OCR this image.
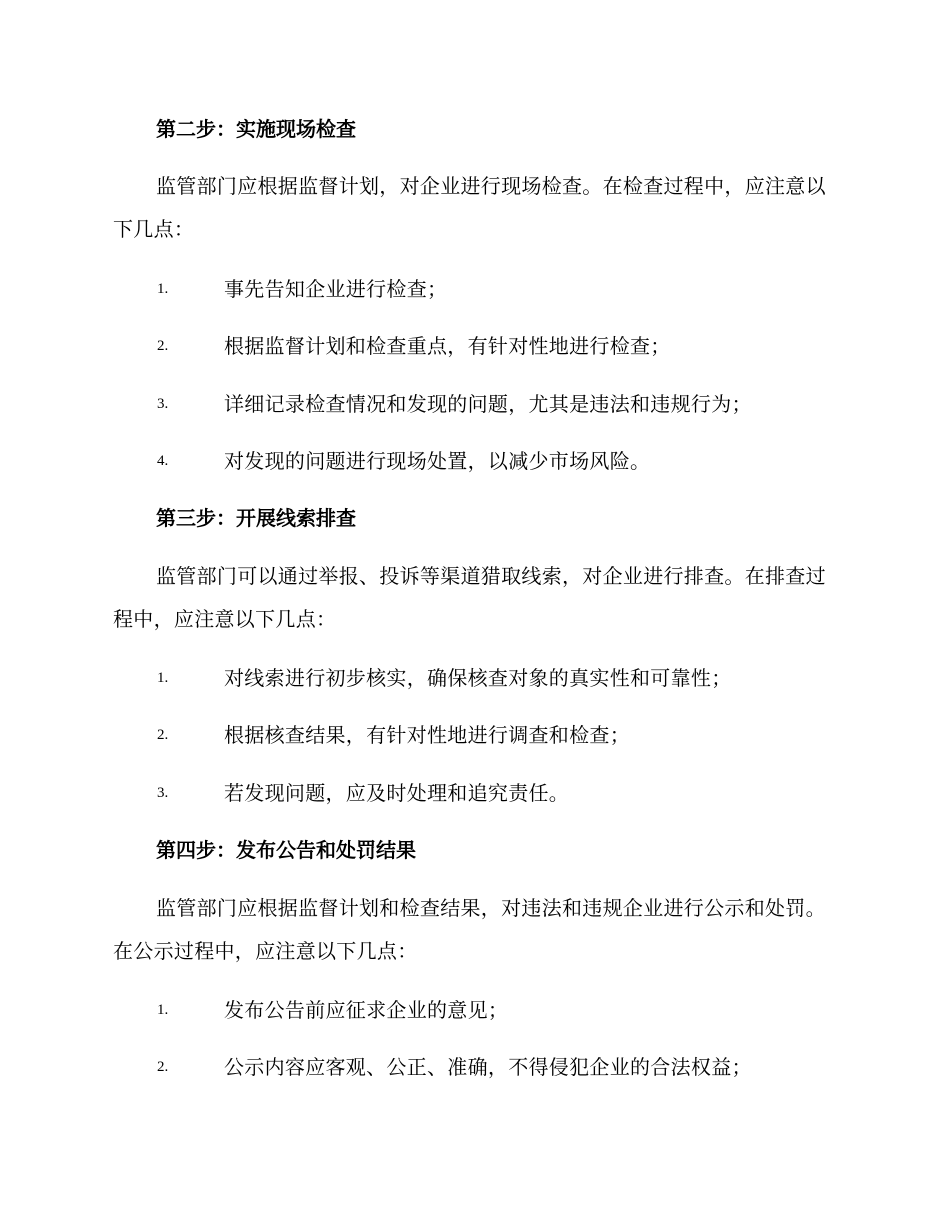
第二步：实施现场检查
监管部门应根据监督计划，对企业进行现场检查。在检查过程中，应注意以下几点：
1.	事先告知企业进行检查；
2.	根据监督计划和检查重点，有针对性地进行检查；
3.	详细记录检查情况和发现的问题，尤其是违法和违规行为；
4.	对发现的问题进行现场处置，以减少市场风险。
第三步：开展线索排查
监管部门可以通过举报、投诉等渠道猎取线索，对企业进行排查。在排查过程中，应注意以下几点：
1.	对线索进行初步核实，确保核查对象的真实性和可靠性；
2.	根据核查结果，有针对性地进行调查和检查；
3.	若发现问题，应及时处理和追究责任。
第四步：发布公告和处罚结果
监管部门应根据监督计划和检查结果，对违法和违规企业进行公示和处罚。在公示过程中，应注意以下几点：
1.	发布公告前应征求企业的意见；
2.	公示内容应客观、公正、准确，不得侵犯企业的合法权益；
